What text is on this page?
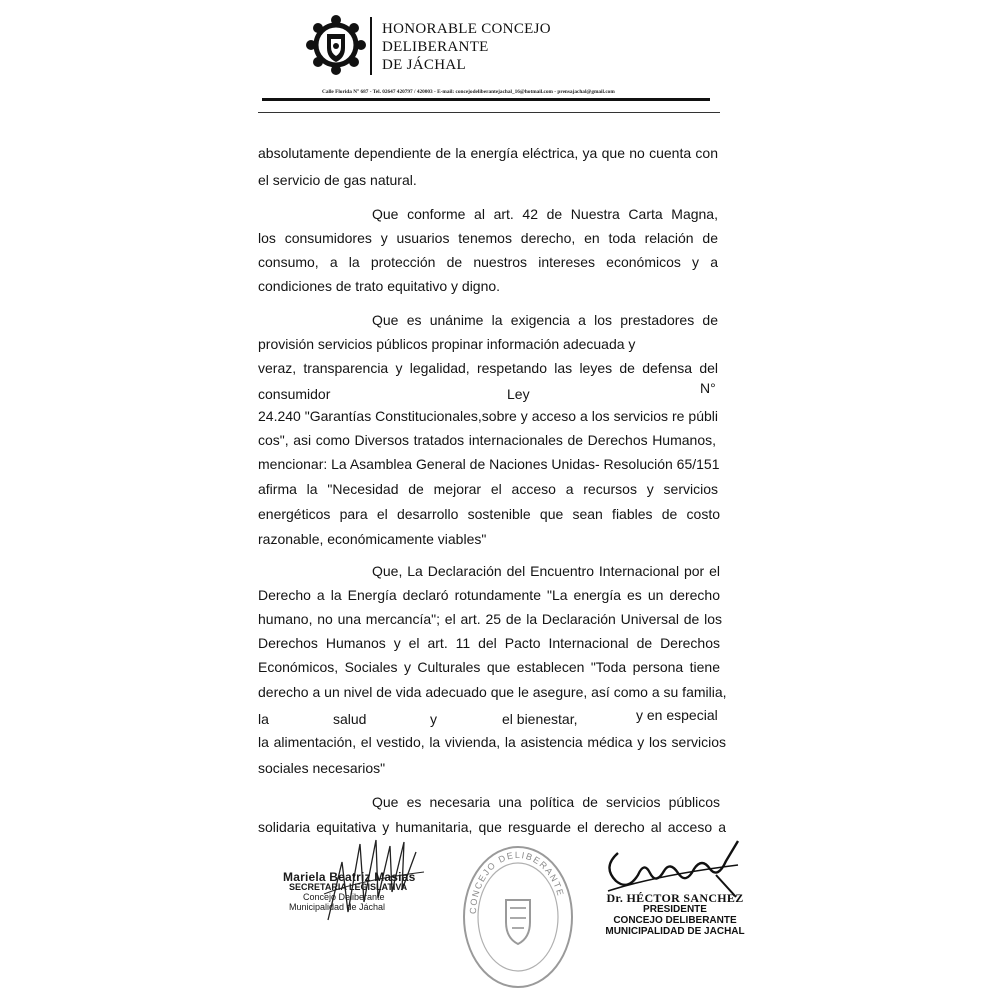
HONORABLE CONCEJO
DELIBERANTE
DE JÁCHAL
Calle Florida N° 687 - Tel. 02647 420797 / 420003 - E-mail: concejodeliberantejachal_16@hotmail.com - prensajachal@gmail.com
absolutamente dependiente de la energía eléctrica, ya que no cuenta con
el servicio de gas natural.
Que conforme al art. 42 de Nuestra Carta Magna,
los consumidores y usuarios tenemos derecho, en toda relación de
consumo, a la protección de nuestros intereses económicos y a
condiciones de trato equitativo y digno.
Que es unánime la exigencia a los prestadores de
provisión servicios públicos propinar información adecuada y
veraz, transparencia y legalidad, respetando las leyes de defensa del
consumidor	Ley	N°
24.240 "Garantías Constitucionales,sobre y acceso a los servicios re públi
cos", asi como Diversos tratados internacionales de Derechos Humanos,
mencionar: La Asamblea General de Naciones Unidas- Resolución 65/151
afirma la "Necesidad de mejorar el acceso a recursos y servicios
energéticos para el desarrollo sostenible que sean fiables de costo
razonable, económicamente viables"
Que, La Declaración del Encuentro Internacional por el
Derecho a la Energía declaró rotundamente "La energía es un derecho
humano, no una mercancía"; el art. 25 de la Declaración Universal de los
Derechos Humanos y el art. 11 del Pacto Internacional de Derechos
Económicos, Sociales y Culturales que establecen "Toda persona tiene
derecho a un nivel de vida adecuado que le asegure, así como a su familia,
la	salud	y	el bienestar,	y en especial
la alimentación, el vestido, la vivienda, la asistencia médica y los servicios
sociales necesarios"
Que es necesaria una política de servicios públicos
solidaria equitativa y humanitaria, que resguarde el derecho al acceso a
CONCEJO DELIBERANTE
Mariela Beatriz Masias
SECRETARIA LEGISLATIVA
Concejo Deliberante
Municipalidad de Jáchal
Dr. HÉCTOR SANCHEZ
PRESIDENTE
CONCEJO DELIBERANTE
MUNICIPALIDAD DE JACHAL
